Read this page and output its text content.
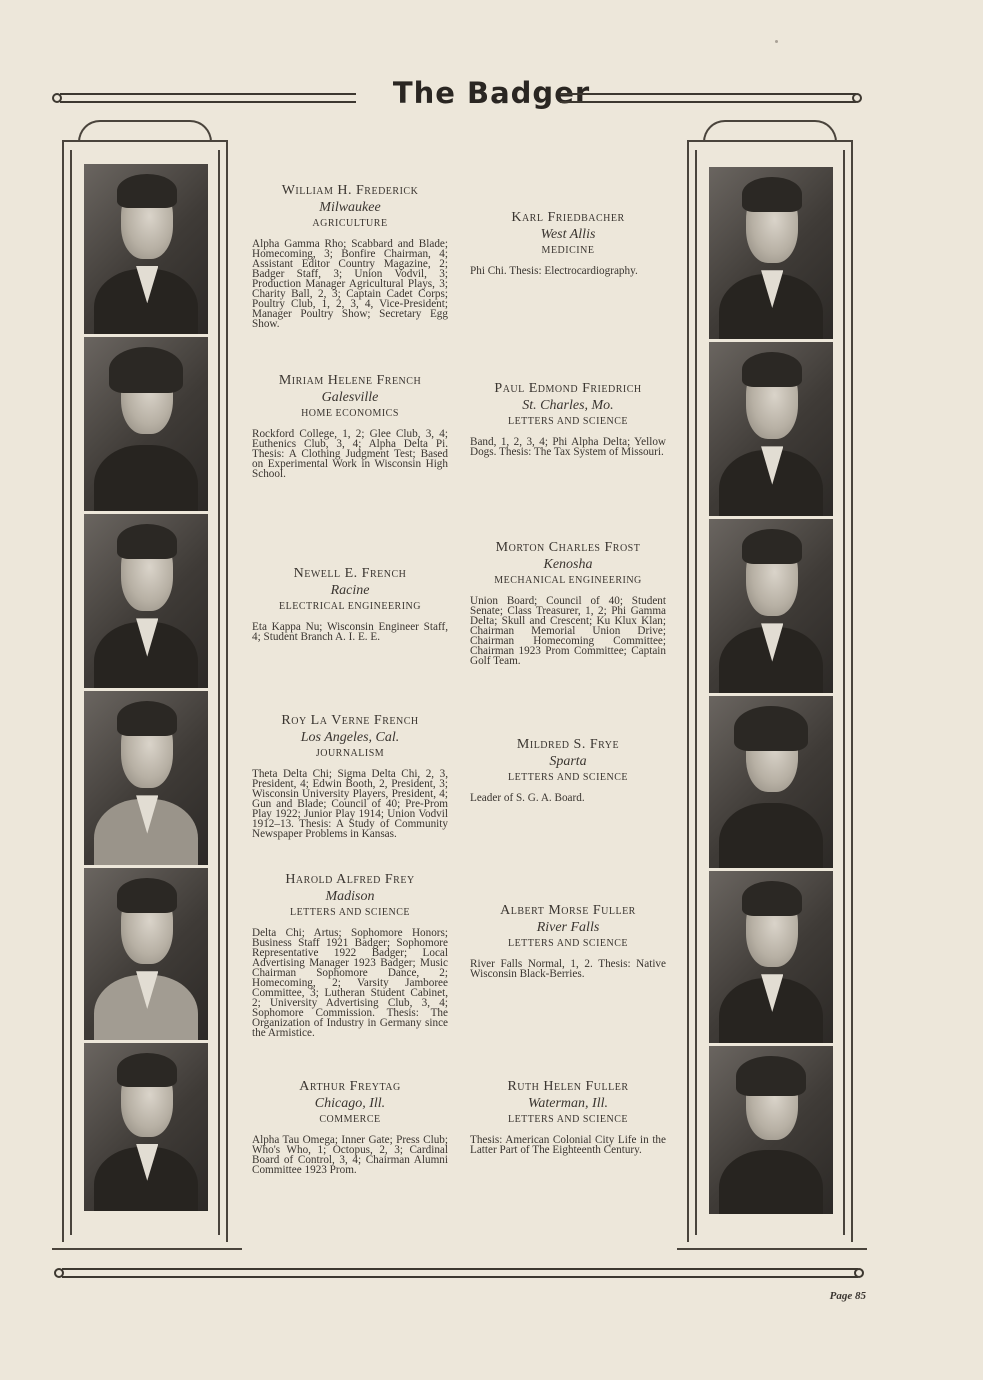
The Badger
William H. Frederick
Milwaukee
AGRICULTURE
Alpha Gamma Rho; Scabbard and Blade; Homecoming, 3; Bonfire Chairman, 4; Assistant Editor Country Magazine, 2; Badger Staff, 3; Union Vodvil, 3; Production Manager Agricultural Plays, 3; Charity Ball, 2, 3; Captain Cadet Corps; Poultry Club, 1, 2, 3, 4, Vice-President; Manager Poultry Show; Secretary Egg Show.
Miriam Helene French
Galesville
HOME ECONOMICS
Rockford College, 1, 2; Glee Club, 3, 4; Euthenics Club, 3, 4; Alpha Delta Pi. Thesis: A Clothing Judgment Test; Based on Experimental Work in Wisconsin High School.
Newell E. French
Racine
ELECTRICAL ENGINEERING
Eta Kappa Nu; Wisconsin Engineer Staff, 4; Student Branch A. I. E. E.
Roy La Verne French
Los Angeles, Cal.
JOURNALISM
Theta Delta Chi; Sigma Delta Chi, 2, 3, President, 4; Edwin Booth, 2, President, 3; Wisconsin University Players, President, 4; Gun and Blade; Council of 40; Pre-Prom Play 1922; Junior Play 1914; Union Vodvil 1912–13. Thesis: A Study of Community Newspaper Problems in Kansas.
Harold Alfred Frey
Madison
LETTERS AND SCIENCE
Delta Chi; Artus; Sophomore Honors; Business Staff 1921 Badger; Sophomore Representative 1922 Badger; Local Advertising Manager 1923 Badger; Music Chairman Sophomore Dance, 2; Homecoming, 2; Varsity Jamboree Committee, 3; Lutheran Student Cabinet, 2; University Advertising Club, 3, 4; Sophomore Commission. Thesis: The Organization of Industry in Germany since the Armistice.
Arthur Freytag
Chicago, Ill.
COMMERCE
Alpha Tau Omega; Inner Gate; Press Club; Who's Who, 1; Octopus, 2, 3; Cardinal Board of Control, 3, 4; Chairman Alumni Committee 1923 Prom.
Karl Friedbacher
West Allis
MEDICINE
Phi Chi. Thesis: Electrocardiography.
Paul Edmond Friedrich
St. Charles, Mo.
LETTERS AND SCIENCE
Band, 1, 2, 3, 4; Phi Alpha Delta; Yellow Dogs. Thesis: The Tax System of Missouri.
Morton Charles Frost
Kenosha
MECHANICAL ENGINEERING
Union Board; Council of 40; Student Senate; Class Treasurer, 1, 2; Phi Gamma Delta; Skull and Crescent; Ku Klux Klan; Chairman Memorial Union Drive; Chairman Homecoming Committee; Chairman 1923 Prom Committee; Captain Golf Team.
Mildred S. Frye
Sparta
LETTERS AND SCIENCE
Leader of S. G. A. Board.
Albert Morse Fuller
River Falls
LETTERS AND SCIENCE
River Falls Normal, 1, 2. Thesis: Native Wisconsin Black-Berries.
Ruth Helen Fuller
Waterman, Ill.
LETTERS AND SCIENCE
Thesis: American Colonial City Life in the Latter Part of The Eighteenth Century.
Page 85
